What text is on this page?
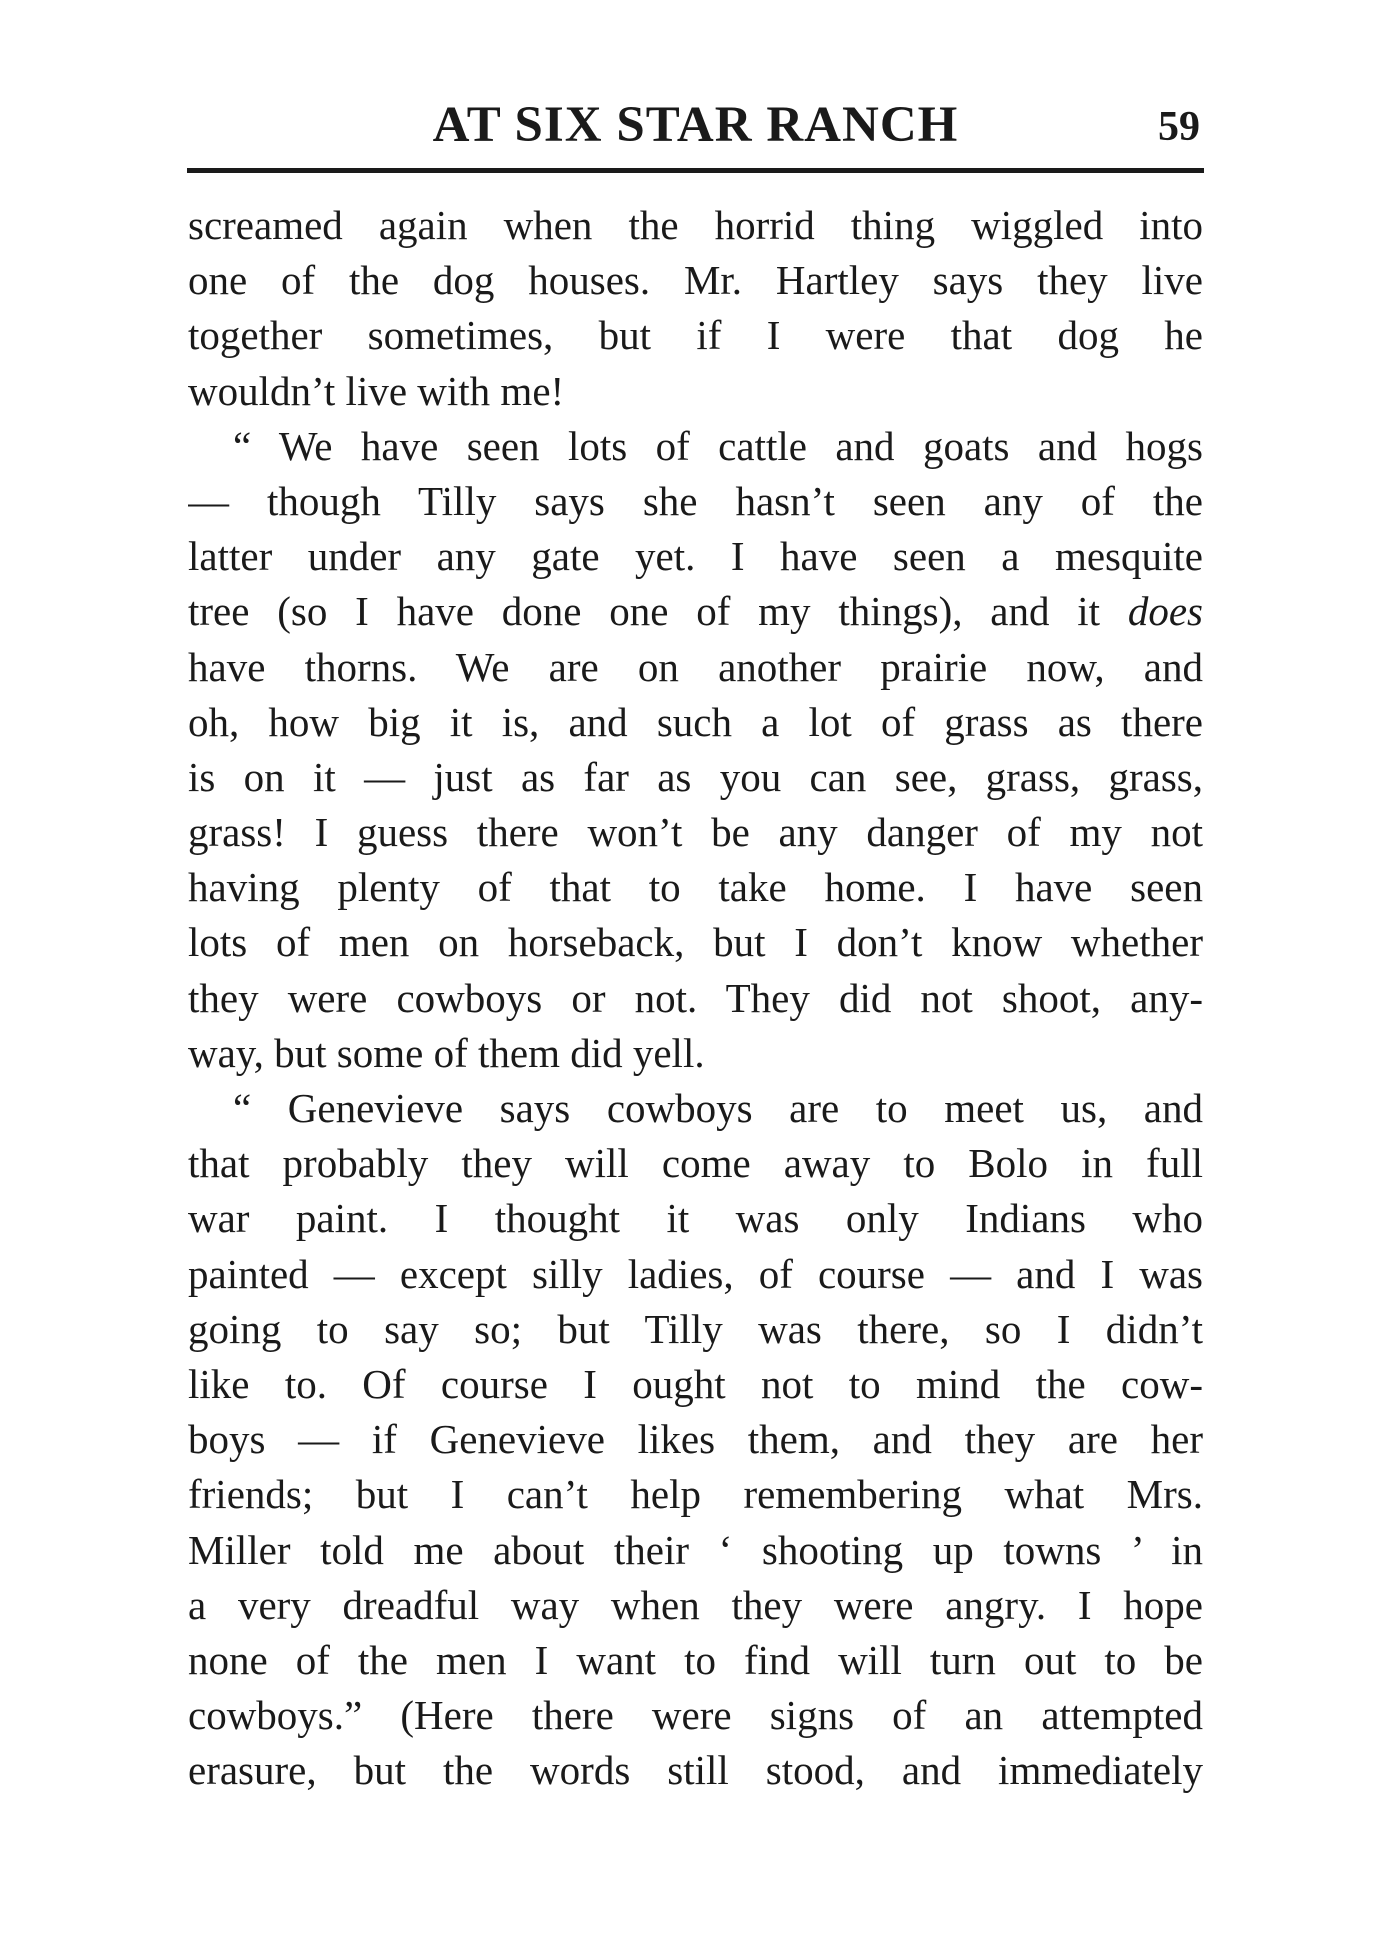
AT SIX STAR RANCH	59
screamed again when the horrid thing wiggled into
one of the dog houses. Mr. Hartley says they live
together sometimes, but if I were that dog he
wouldn’t live with me!
“ We have seen lots of cattle and goats and hogs
— though Tilly says she hasn’t seen any of the
latter under any gate yet. I have seen a mesquite
tree (so I have done one of my things), and it does
have thorns. We are on another prairie now, and
oh, how big it is, and such a lot of grass as there
is on it — just as far as you can see, grass, grass,
grass! I guess there won’t be any danger of my not
having plenty of that to take home. I have seen
lots of men on horseback, but I don’t know whether
they were cowboys or not. They did not shoot, any-
way, but some of them did yell.
“ Genevieve says cowboys are to meet us, and
that probably they will come away to Bolo in full
war paint. I thought it was only Indians who
painted — except silly ladies, of course — and I was
going to say so; but Tilly was there, so I didn’t
like to. Of course I ought not to mind the cow-
boys — if Genevieve likes them, and they are her
friends; but I can’t help remembering what Mrs.
Miller told me about their ‘ shooting up towns ’ in
a very dreadful way when they were angry. I hope
none of the men I want to find will turn out to be
cowboys.” (Here there were signs of an attempted
erasure, but the words still stood, and immediately
